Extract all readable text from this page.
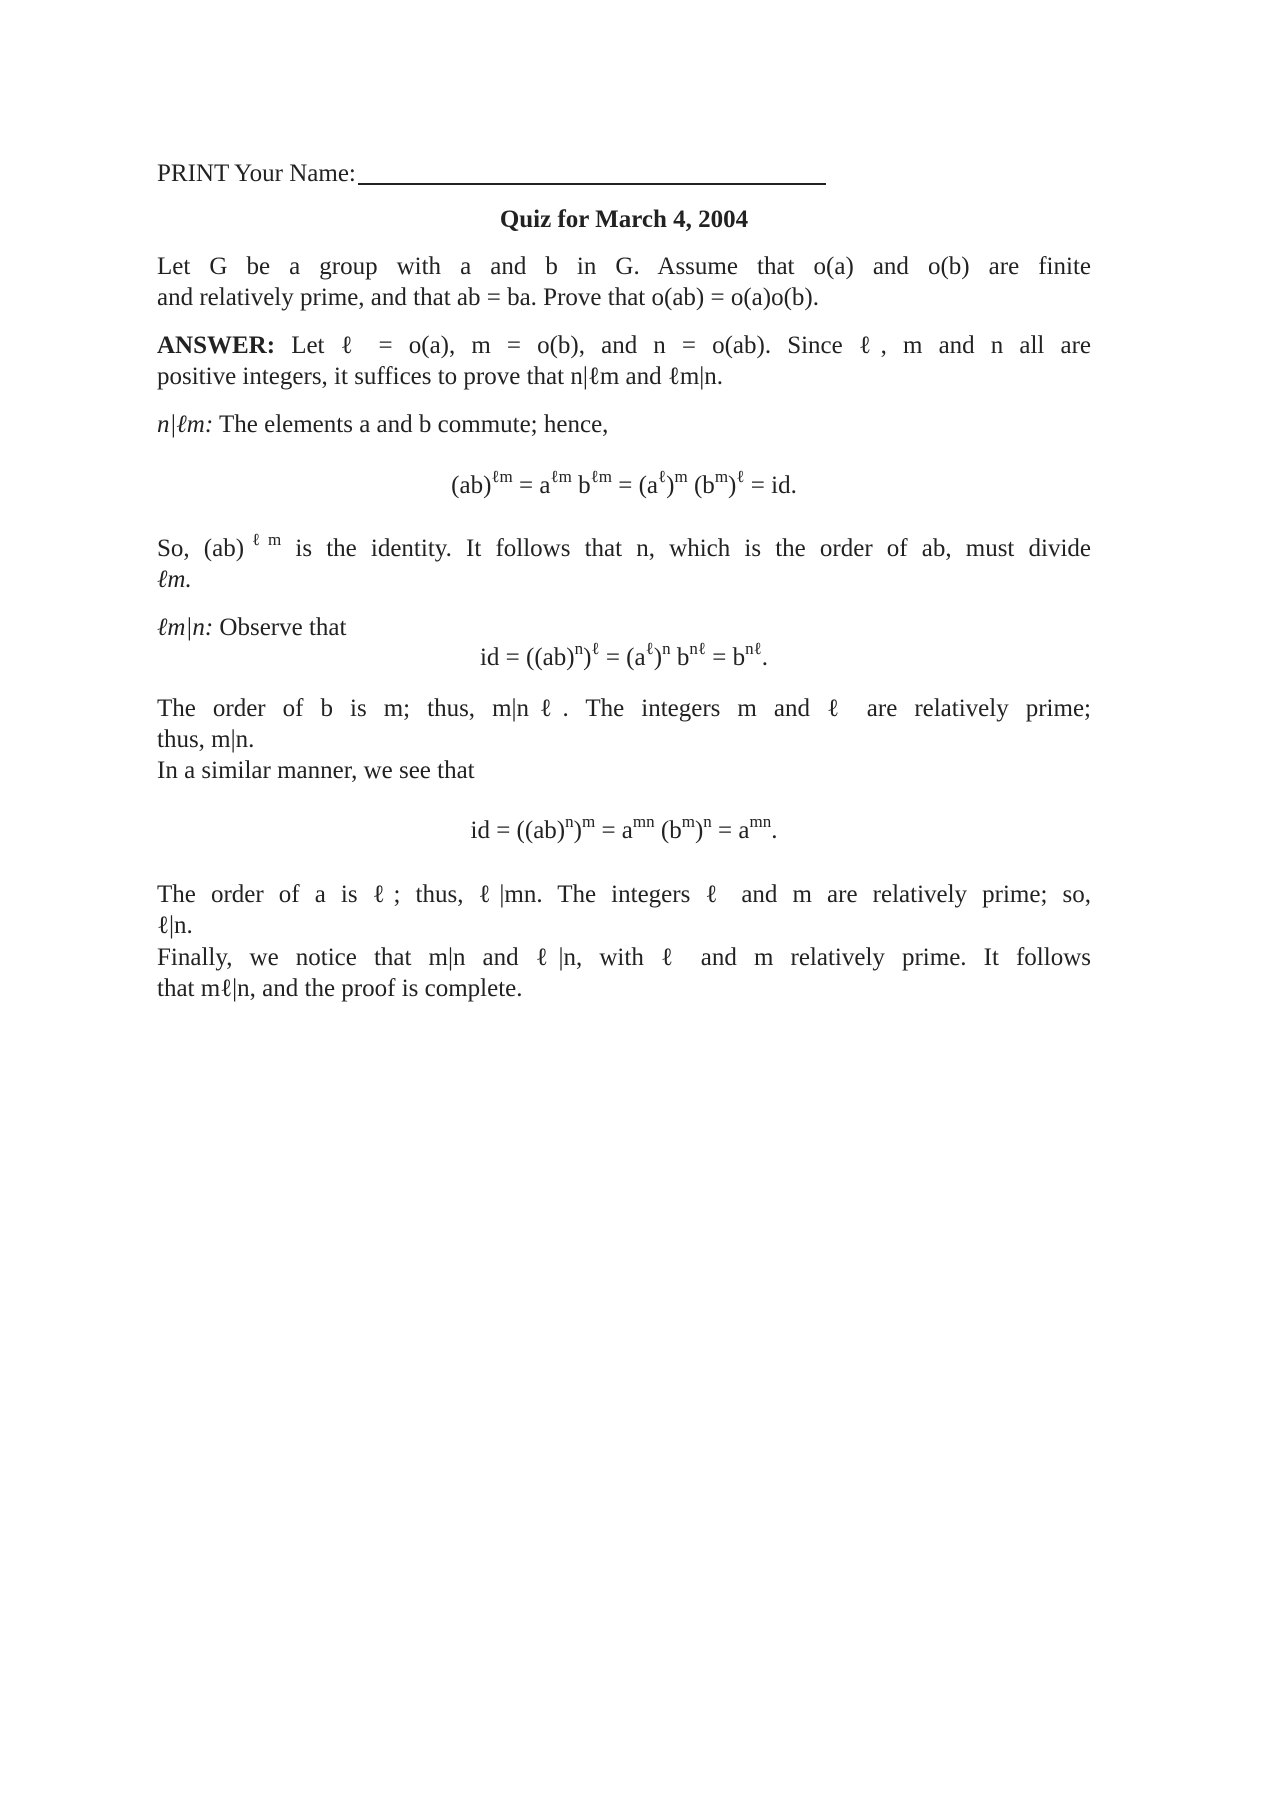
PRINT Your Name:
Quiz for March 4, 2004
Let G be a group with a and b in G. Assume that o(a) and o(b) are finite
and relatively prime, and that ab = ba. Prove that o(ab) = o(a)o(b).
ANSWER: Let ℓ = o(a), m = o(b), and n = o(ab). Since ℓ, m and n all are
positive integers, it suffices to prove that n|ℓm and ℓm|n.
n|ℓm: The elements a and b commute; hence,
$(ab)^{\ell m} = a^{\ell m}$ $b^{\ell m} = (a^\ell)^m$ $(b^m)^\ell$ = id.
So, (ab)$^{\ell m}$ is the identity. It follows that n, which is the order of ab, must divide
ℓm.
ℓm|n: Observe that
id = $((ab)^n)^\ell = (a^\ell)^n$ $b^{n\ell} = b^{n\ell}$.
The order of b is m; thus, m|nℓ. The integers m and ℓ are relatively prime;
thus, m|n.
In a similar manner, we see that
id = $((ab)^n)^m = a^{mn}$ $(b^m)^n = a^{mn}$.
The order of a is ℓ; thus, ℓ|mn. The integers ℓ and m are relatively prime; so,
ℓ|n.
Finally, we notice that m|n and ℓ|n, with ℓ and m relatively prime. It follows
that mℓ|n, and the proof is complete.
